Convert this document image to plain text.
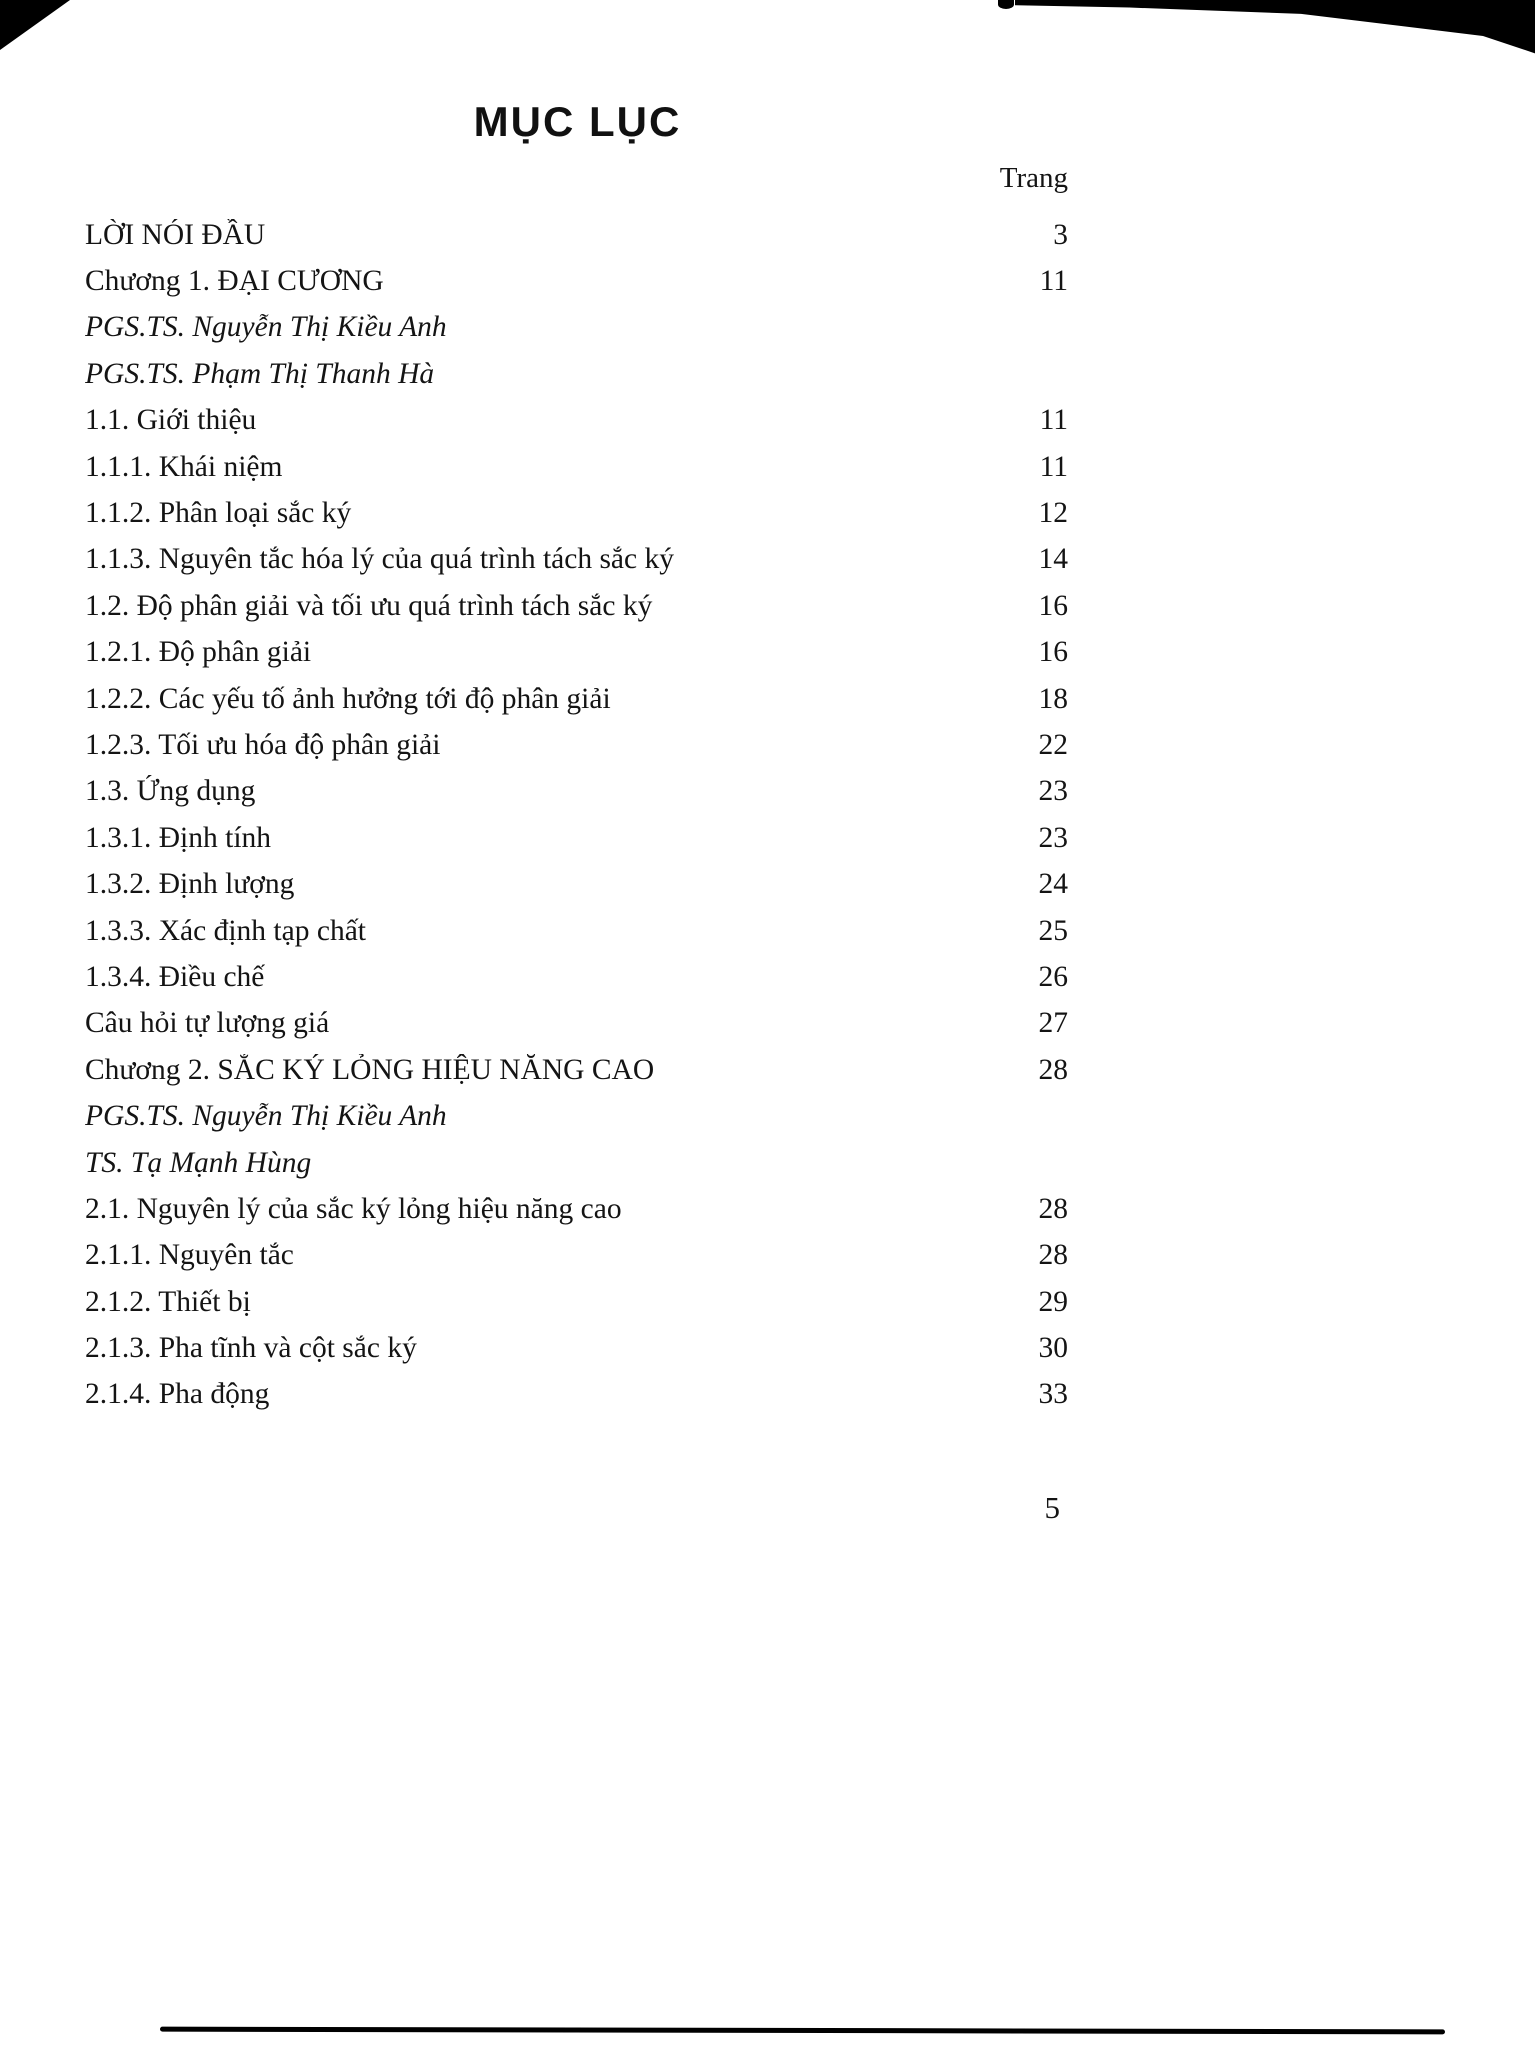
MỤC LỤC
Trang
LỜI NÓI ĐẦU	3
Chương 1. ĐẠI CƯƠNG	11
PGS.TS. Nguyễn Thị Kiều Anh
PGS.TS. Phạm Thị Thanh Hà
1.1. Giới thiệu	11
1.1.1. Khái niệm	11
1.1.2. Phân loại sắc ký	12
1.1.3. Nguyên tắc hóa lý của quá trình tách sắc ký	14
1.2. Độ phân giải và tối ưu quá trình tách sắc ký	16
1.2.1. Độ phân giải	16
1.2.2. Các yếu tố ảnh hưởng tới độ phân giải	18
1.2.3. Tối ưu hóa độ phân giải	22
1.3. Ứng dụng	23
1.3.1. Định tính	23
1.3.2. Định lượng	24
1.3.3. Xác định tạp chất	25
1.3.4. Điều chế	26
Câu hỏi tự lượng giá	27
Chương 2. SẮC KÝ LỎNG HIỆU NĂNG CAO	28
PGS.TS. Nguyễn Thị Kiều Anh
TS. Tạ Mạnh Hùng
2.1. Nguyên lý của sắc ký lỏng hiệu năng cao	28
2.1.1. Nguyên tắc	28
2.1.2. Thiết bị	29
2.1.3. Pha tĩnh và cột sắc ký	30
2.1.4. Pha động	33
5
